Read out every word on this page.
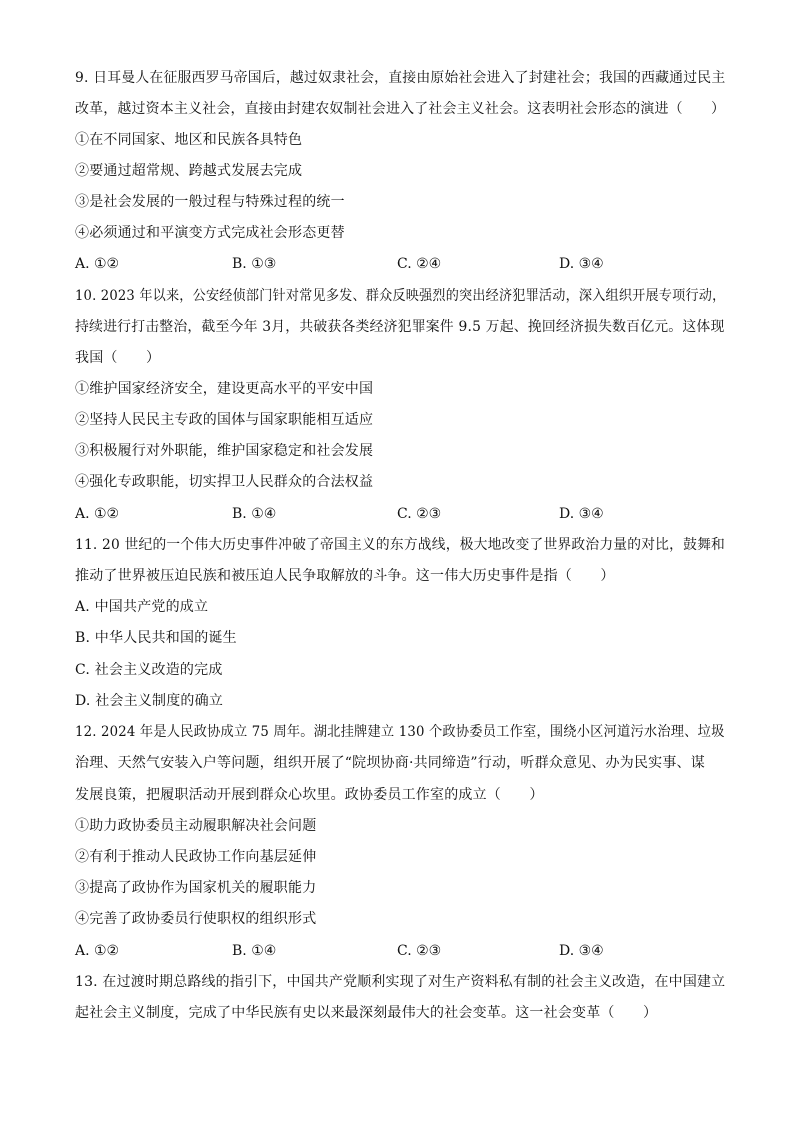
9. 日耳曼人在征服西罗马帝国后，越过奴隶社会，直接由原始社会进入了封建社会；我国的西藏通过民主
改革，越过资本主义社会，直接由封建农奴制社会进入了社会主义社会。这表明社会形态的演进（　　）
①在不同国家、地区和民族各具特色
②要通过超常规、跨越式发展去完成
③是社会发展的一般过程与特殊过程的统一
④必须通过和平演变方式完成社会形态更替
A. ①②	B. ①③	C. ②④	D. ③④
10. 2023 年以来，公安经侦部门针对常见多发、群众反映强烈的突出经济犯罪活动，深入组织开展专项行动，
持续进行打击整治，截至今年 3月，共破获各类经济犯罪案件 9.5 万起、挽回经济损失数百亿元。这体现
我国（　　）
①维护国家经济安全，建设更高水平的平安中国
②坚持人民民主专政的国体与国家职能相互适应
③积极履行对外职能，维护国家稳定和社会发展
④强化专政职能，切实捍卫人民群众的合法权益
A. ①②	B. ①④	C. ②③	D. ③④
11. 20 世纪的一个伟大历史事件冲破了帝国主义的东方战线，极大地改变了世界政治力量的对比，鼓舞和
推动了世界被压迫民族和被压迫人民争取解放的斗争。这一伟大历史事件是指（　　）
A. 中国共产党的成立
B. 中华人民共和国的诞生
C. 社会主义改造的完成
D. 社会主义制度的确立
12. 2024 年是人民政协成立 75 周年。湖北挂牌建立 130 个政协委员工作室，围绕小区河道污水治理、垃圾
治理、天然气安装入户等问题，组织开展了“院坝协商·共同缔造”行动，听群众意见、办为民实事、谋
发展良策，把履职活动开展到群众心坎里。政协委员工作室的成立（　　）
①助力政协委员主动履职解决社会问题
②有利于推动人民政协工作向基层延伸
③提高了政协作为国家机关的履职能力
④完善了政协委员行使职权的组织形式
A. ①②	B. ①④	C. ②③	D. ③④
13. 在过渡时期总路线的指引下，中国共产党顺利实现了对生产资料私有制的社会主义改造，在中国建立
起社会主义制度，完成了中华民族有史以来最深刻最伟大的社会变革。这一社会变革（　　）
